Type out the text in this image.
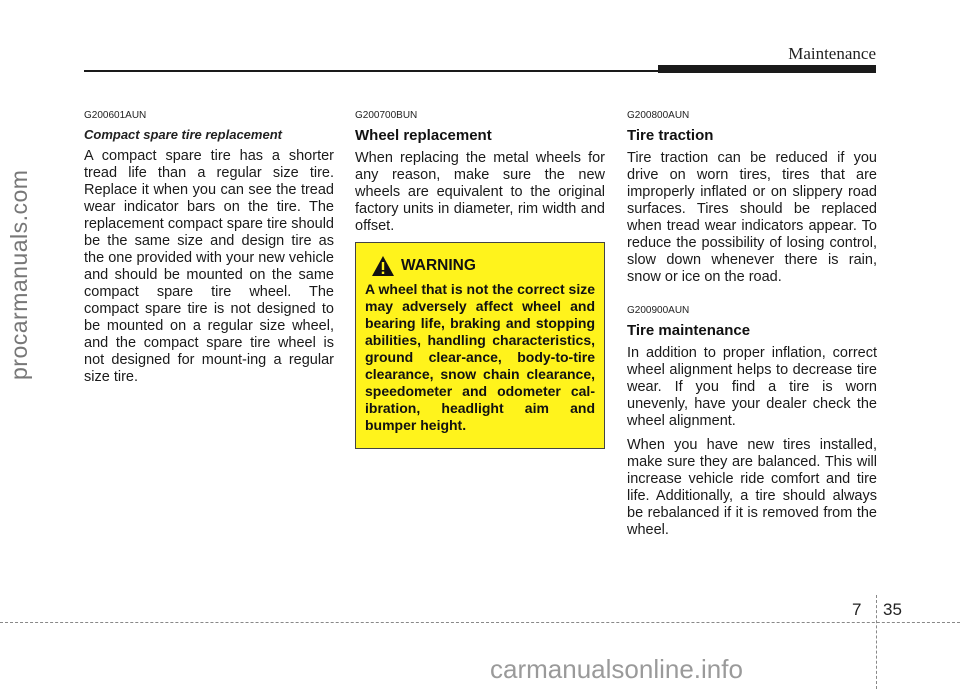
Maintenance
procarmanuals.com

G200601AUN

Compact spare tire replacement

A compact spare tire has a shorter tread life than a regular size tire. Replace it when you can see the tread wear indicator bars on the tire. The replacement compact spare tire should be the same size and design tire as the one provided with your new vehicle and should be mounted on the same compact spare tire wheel. The compact spare tire is not designed to be mounted on a regular size wheel, and the compact spare tire wheel is not designed for mount-ing a regular size tire.

G200700BUN

Wheel replacement

When replacing the metal wheels for any reason, make sure the new wheels are equivalent to the original factory units in diameter, rim width and offset.

WARNING

A wheel that is not the correct size may adversely affect wheel and bearing life, braking and stopping abilities, handling characteristics, ground clear-ance, body-to-tire clearance, snow chain clearance, speedometer and odometer cal-ibration, headlight aim and bumper height.

G200800AUN

Tire traction

Tire traction can be reduced if you drive on worn tires, tires that are improperly inflated or on slippery road surfaces. Tires should be replaced when tread wear indicators appear. To reduce the possibility of losing control, slow down whenever there is rain, snow or ice on the road.

G200900AUN

Tire maintenance

In addition to proper inflation, correct wheel alignment helps to decrease tire wear. If you find a tire is worn unevenly, have your dealer check the wheel alignment.

When you have new tires installed, make sure they are balanced. This will increase vehicle ride comfort and tire life. Additionally, a tire should always be rebalanced if it is removed from the wheel.

7 35
carmanualsonline.info
